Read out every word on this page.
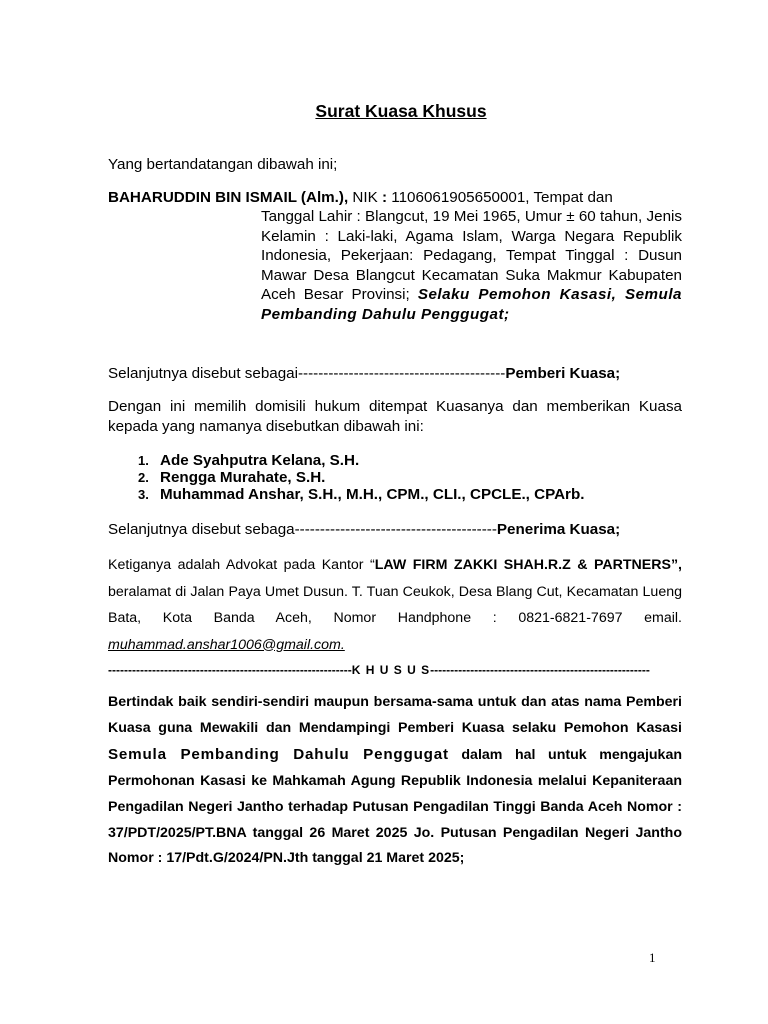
Surat Kuasa Khusus

Yang bertandatangan dibawah ini;

BAHARUDDIN BIN ISMAIL (Alm.), NIK : 1106061905650001, Tempat dan

Tanggal Lahir : Blangcut, 19 Mei 1965, Umur ± 60 tahun, Jenis Kelamin : Laki-laki, Agama Islam, Warga Negara Republik Indonesia, Pekerjaan: Pedagang, Tempat Tinggal : Dusun Mawar Desa Blangcut Kecamatan Suka Makmur Kabupaten Aceh Besar Provinsi; Selaku Pemohon Kasasi, Semula Pembanding Dahulu Penggugat;

Selanjutnya disebut sebagai-----------------------------------------Pemberi Kuasa;

Dengan ini memilih domisili hukum ditempat Kuasanya dan memberikan Kuasa kepada yang namanya disebutkan dibawah ini:

1. Ade Syahputra Kelana, S.H.
2. Rengga Murahate, S.H.
3. Muhammad Anshar, S.H., M.H., CPM., CLI., CPCLE., CPArb.

Selanjutnya disebut sebaga----------------------------------------Penerima Kuasa;

Ketiganya adalah Advokat pada Kantor “LAW FIRM ZAKKI SHAH.R.Z & PARTNERS”, beralamat di Jalan Paya Umet Dusun. T. Tuan Ceukok, Desa Blang Cut, Kecamatan Lueng Bata, Kota Banda Aceh, Nomor Handphone : 0821-6821-7697 email. muhammad.anshar1006@gmail.com.

-------------------------------------------------------------K H U S U S-------------------------------------------------------

Bertindak baik sendiri-sendiri maupun bersama-sama untuk dan atas nama Pemberi Kuasa guna Mewakili dan Mendampingi Pemberi Kuasa selaku Pemohon Kasasi Semula Pembanding Dahulu Penggugat dalam hal untuk mengajukan Permohonan Kasasi ke Mahkamah Agung Republik Indonesia melalui Kepaniteraan Pengadilan Negeri Jantho terhadap Putusan Pengadilan Tinggi Banda Aceh Nomor : 37/PDT/2025/PT.BNA tanggal 26 Maret 2025 Jo. Putusan Pengadilan Negeri Jantho Nomor : 17/Pdt.G/2024/PN.Jth tanggal 21 Maret 2025;

1
